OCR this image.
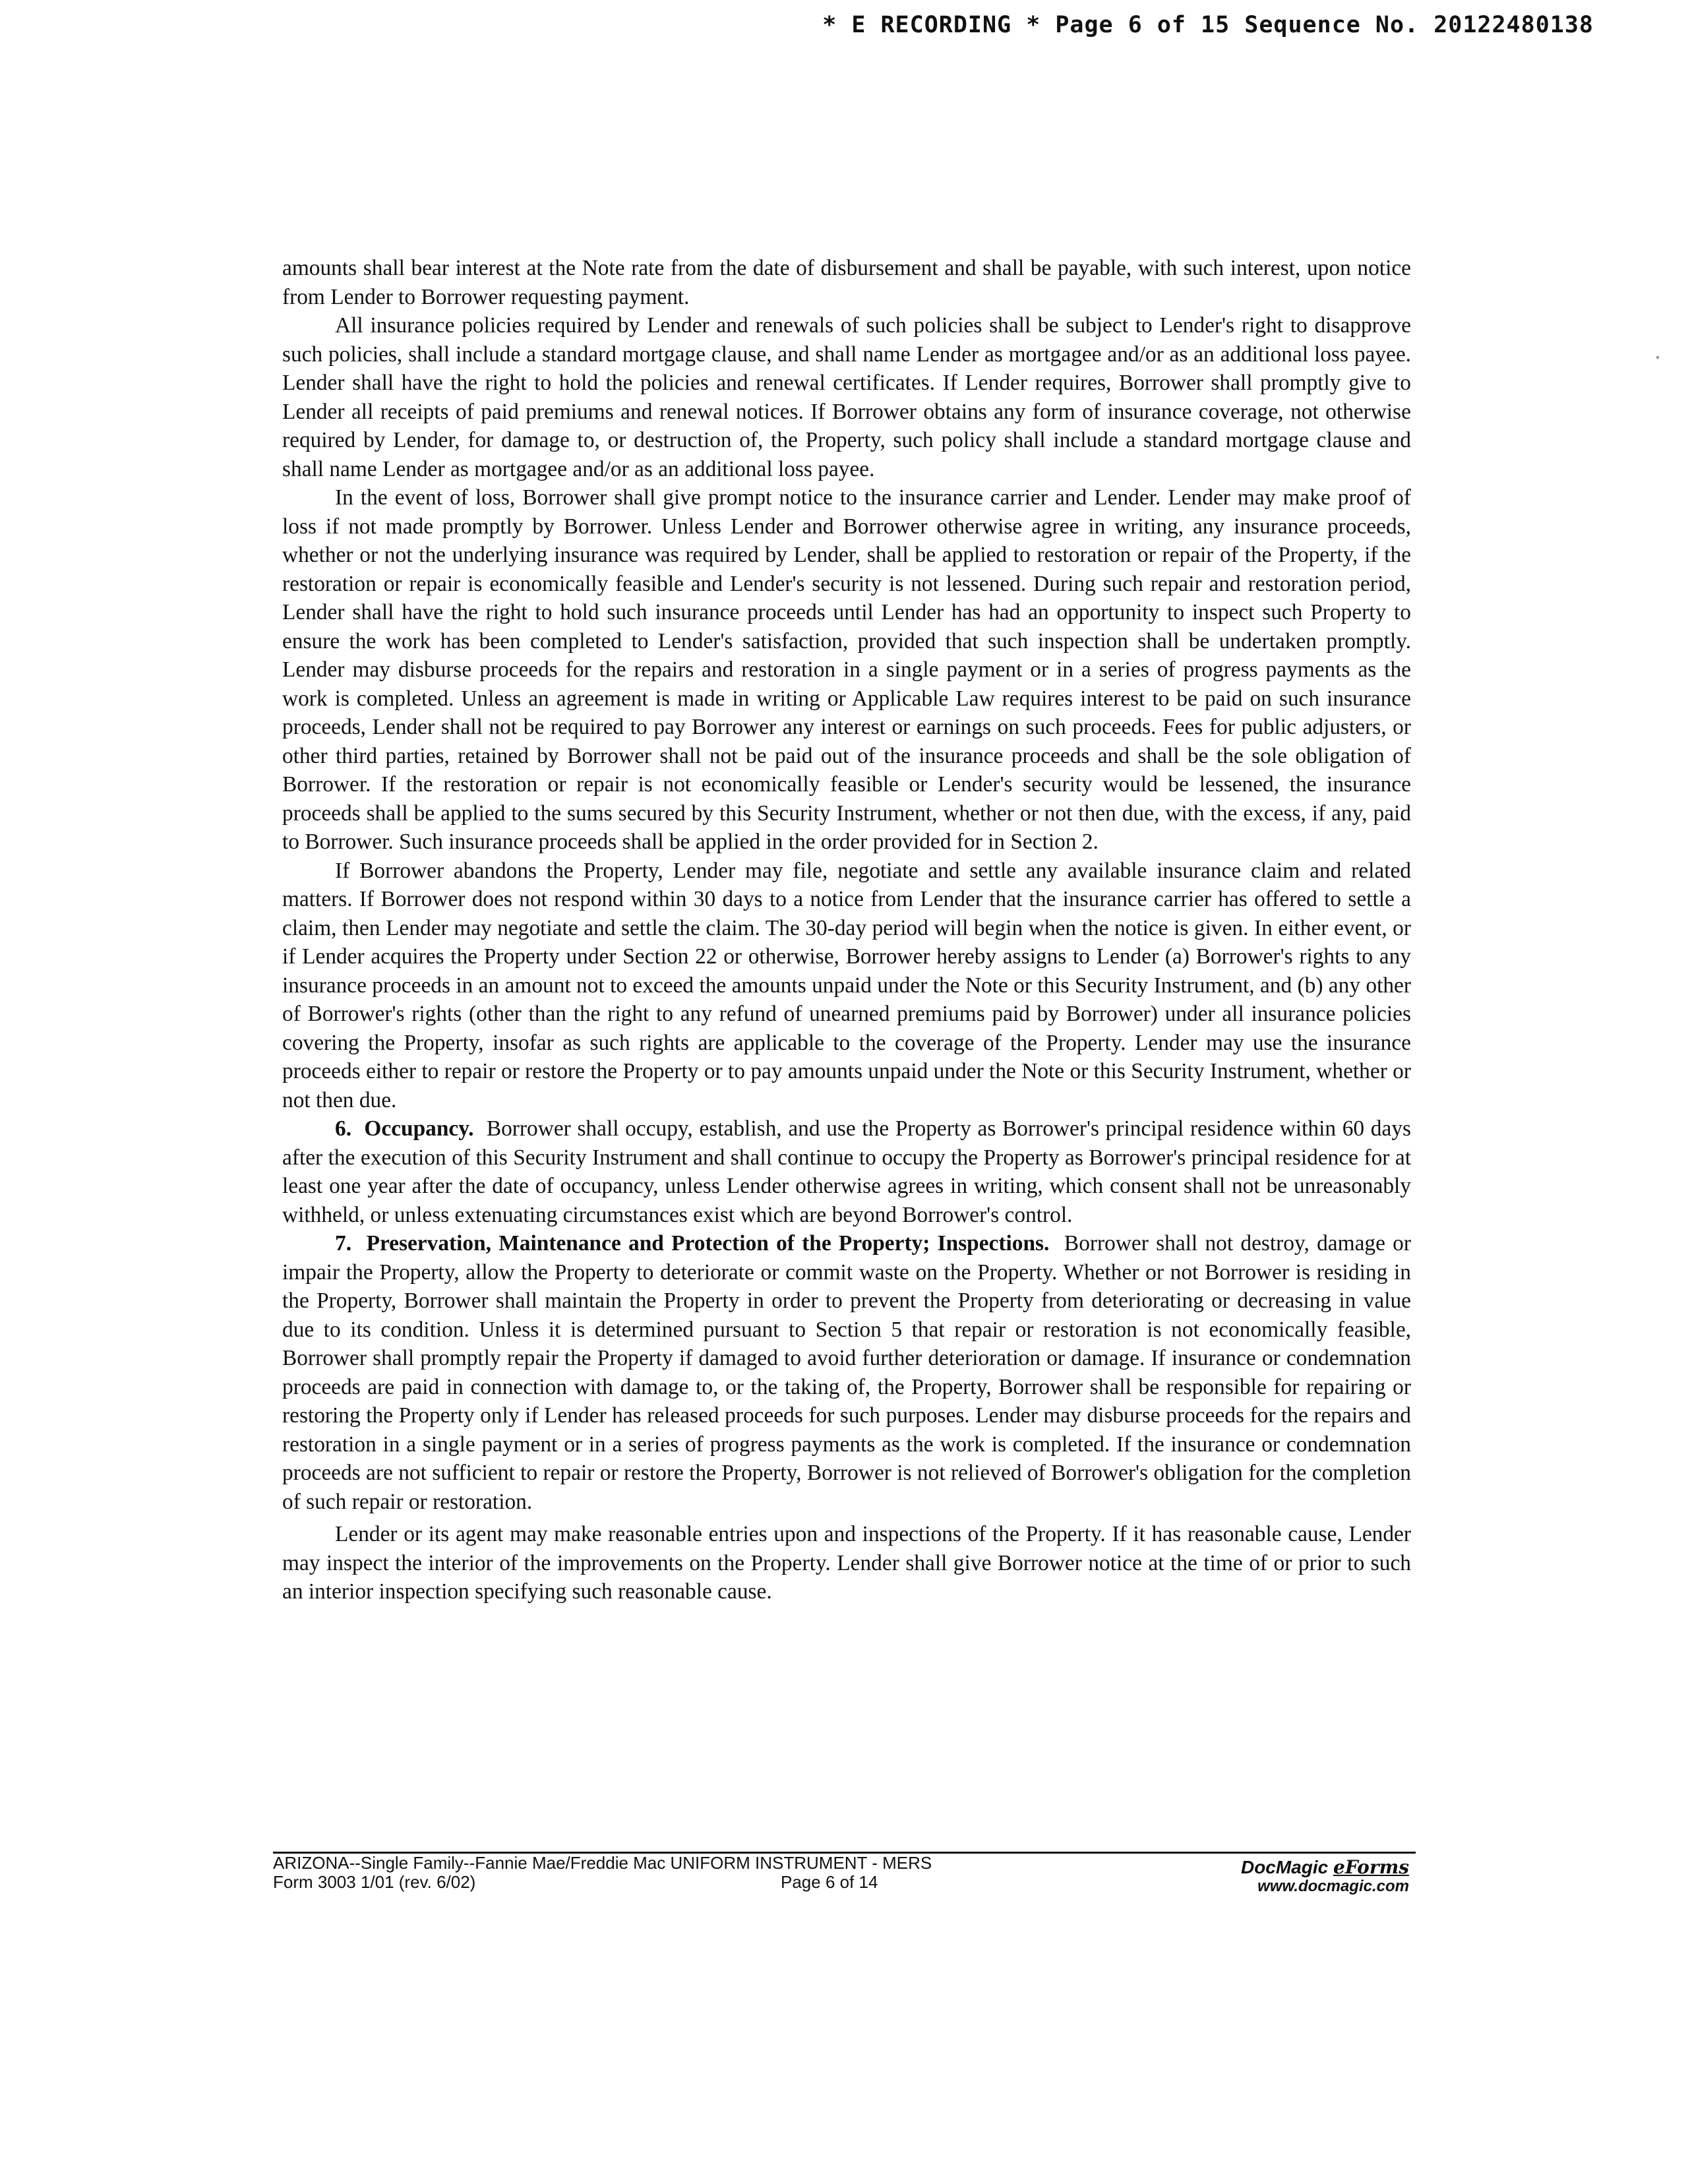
* E RECORDING * Page 6 of 15 Sequence No. 20122480138

amounts shall bear interest at the Note rate from the date of disbursement and shall be payable, with such interest, upon notice from Lender to Borrower requesting payment.

All insurance policies required by Lender and renewals of such policies shall be subject to Lender's right to disapprove such policies, shall include a standard mortgage clause, and shall name Lender as mortgagee and/or as an additional loss payee. Lender shall have the right to hold the policies and renewal certificates. If Lender requires, Borrower shall promptly give to Lender all receipts of paid premiums and renewal notices. If Borrower obtains any form of insurance coverage, not otherwise required by Lender, for damage to, or destruction of, the Property, such policy shall include a standard mortgage clause and shall name Lender as mortgagee and/or as an additional loss payee.

In the event of loss, Borrower shall give prompt notice to the insurance carrier and Lender. Lender may make proof of loss if not made promptly by Borrower. Unless Lender and Borrower otherwise agree in writing, any insurance proceeds, whether or not the underlying insurance was required by Lender, shall be applied to restoration or repair of the Property, if the restoration or repair is economically feasible and Lender's security is not lessened. During such repair and restoration period, Lender shall have the right to hold such insurance proceeds until Lender has had an opportunity to inspect such Property to ensure the work has been completed to Lender's satisfaction, provided that such inspection shall be undertaken promptly. Lender may disburse proceeds for the repairs and restoration in a single payment or in a series of progress payments as the work is completed. Unless an agreement is made in writing or Applicable Law requires interest to be paid on such insurance proceeds, Lender shall not be required to pay Borrower any interest or earnings on such proceeds. Fees for public adjusters, or other third parties, retained by Borrower shall not be paid out of the insurance proceeds and shall be the sole obligation of Borrower. If the restoration or repair is not economically feasible or Lender's security would be lessened, the insurance proceeds shall be applied to the sums secured by this Security Instrument, whether or not then due, with the excess, if any, paid to Borrower. Such insurance proceeds shall be applied in the order provided for in Section 2.

If Borrower abandons the Property, Lender may file, negotiate and settle any available insurance claim and related matters. If Borrower does not respond within 30 days to a notice from Lender that the insurance carrier has offered to settle a claim, then Lender may negotiate and settle the claim. The 30-day period will begin when the notice is given. In either event, or if Lender acquires the Property under Section 22 or otherwise, Borrower hereby assigns to Lender (a) Borrower's rights to any insurance proceeds in an amount not to exceed the amounts unpaid under the Note or this Security Instrument, and (b) any other of Borrower's rights (other than the right to any refund of unearned premiums paid by Borrower) under all insurance policies covering the Property, insofar as such rights are applicable to the coverage of the Property. Lender may use the insurance proceeds either to repair or restore the Property or to pay amounts unpaid under the Note or this Security Instrument, whether or not then due.

6. Occupancy. Borrower shall occupy, establish, and use the Property as Borrower's principal residence within 60 days after the execution of this Security Instrument and shall continue to occupy the Property as Borrower's principal residence for at least one year after the date of occupancy, unless Lender otherwise agrees in writing, which consent shall not be unreasonably withheld, or unless extenuating circumstances exist which are beyond Borrower's control.

7. Preservation, Maintenance and Protection of the Property; Inspections. Borrower shall not destroy, damage or impair the Property, allow the Property to deteriorate or commit waste on the Property. Whether or not Borrower is residing in the Property, Borrower shall maintain the Property in order to prevent the Property from deteriorating or decreasing in value due to its condition. Unless it is determined pursuant to Section 5 that repair or restoration is not economically feasible, Borrower shall promptly repair the Property if damaged to avoid further deterioration or damage. If insurance or condemnation proceeds are paid in connection with damage to, or the taking of, the Property, Borrower shall be responsible for repairing or restoring the Property only if Lender has released proceeds for such purposes. Lender may disburse proceeds for the repairs and restoration in a single payment or in a series of progress payments as the work is completed. If the insurance or condemnation proceeds are not sufficient to repair or restore the Property, Borrower is not relieved of Borrower's obligation for the completion of such repair or restoration.

Lender or its agent may make reasonable entries upon and inspections of the Property. If it has reasonable cause, Lender may inspect the interior of the improvements on the Property. Lender shall give Borrower notice at the time of or prior to such an interior inspection specifying such reasonable cause.

ARIZONA--Single Family--Fannie Mae/Freddie Mac UNIFORM INSTRUMENT - MERS
Form 3003 1/01 (rev. 6/02)	Page 6 of 14
DocMagic eForms
www.docmagic.com
